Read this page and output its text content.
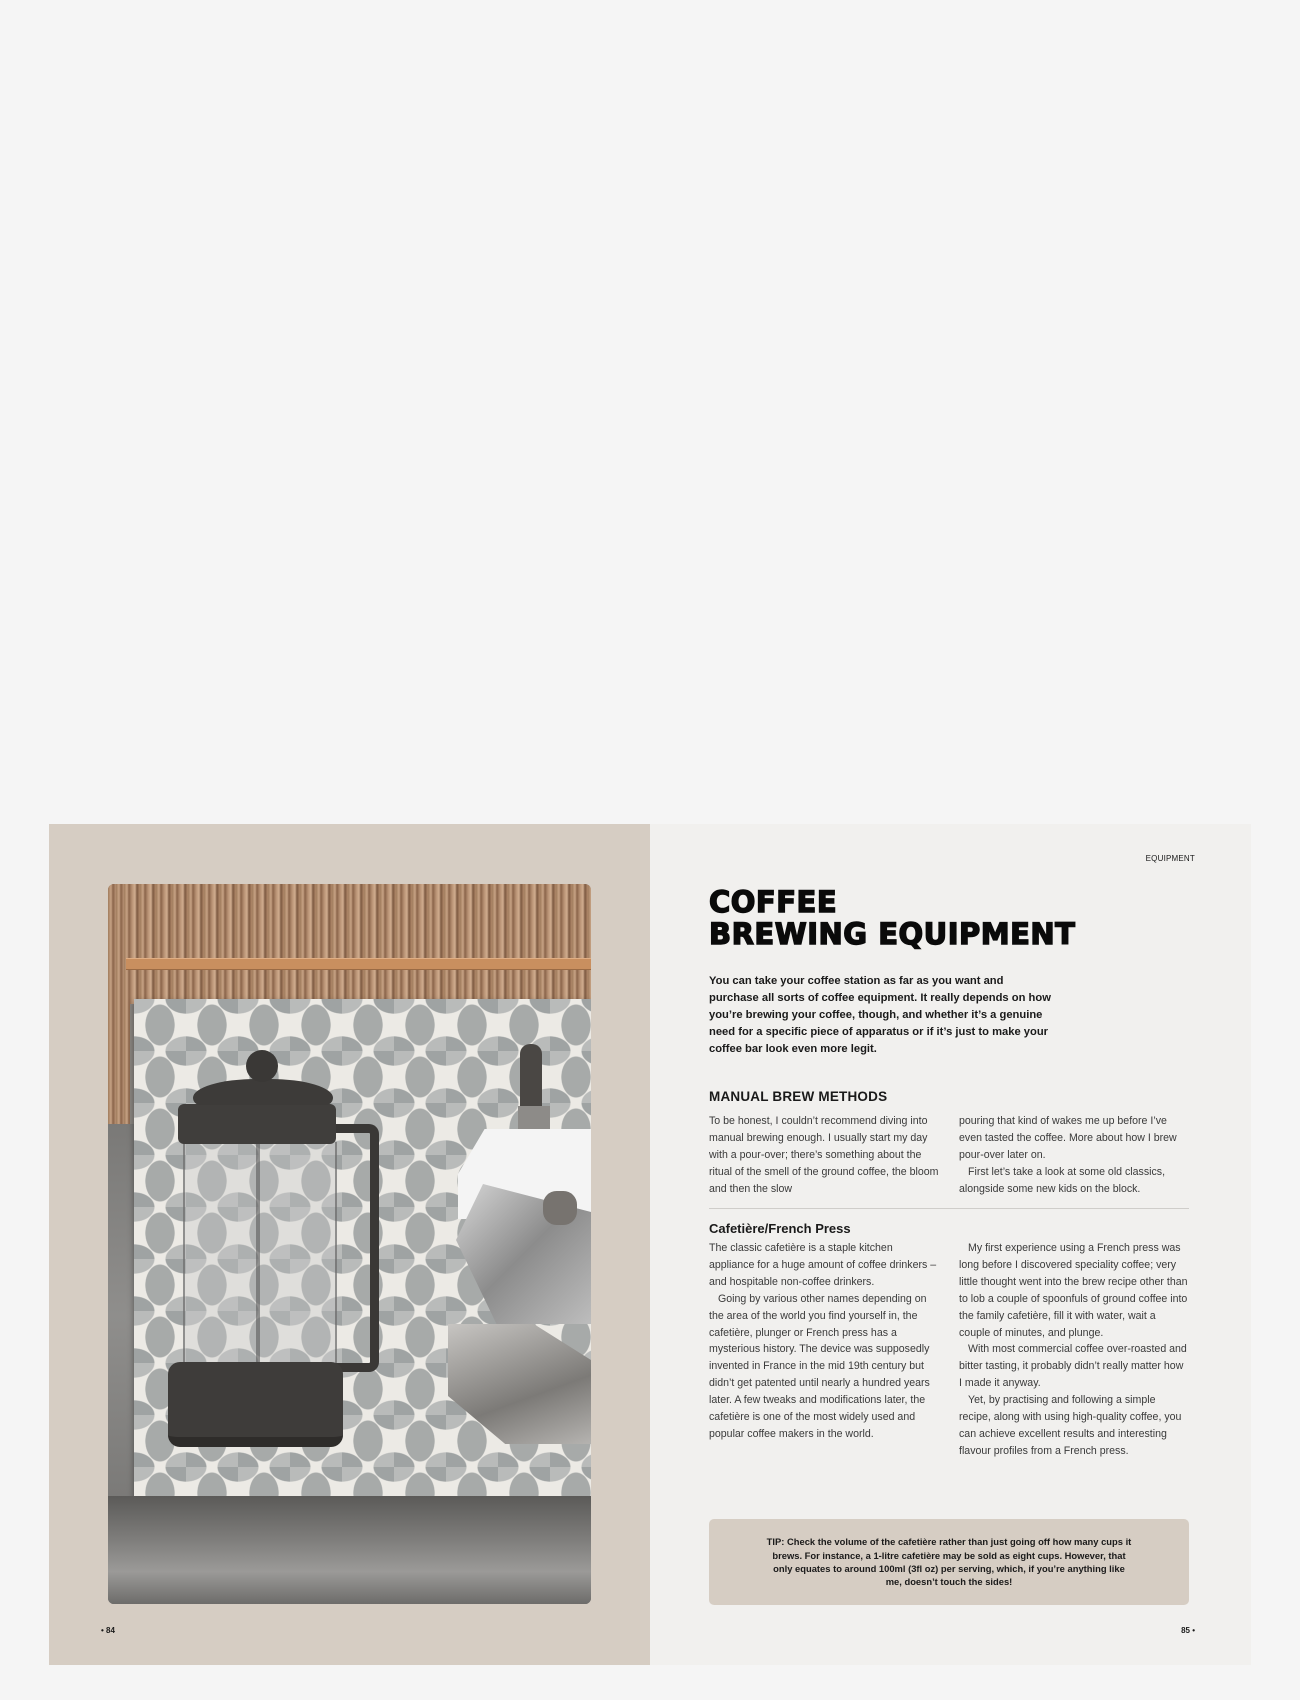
• 84
EQUIPMENT
COFFEE
BREWING EQUIPMENT

You can take your coffee station as far as you want and purchase all sorts of coffee equipment. It really depends on how you’re brewing your coffee, though, and whether it’s a genuine need for a specific piece of apparatus or if it’s just to make your coffee bar look even more legit.

MANUAL BREW METHODS

To be honest, I couldn’t recommend diving into manual brewing enough. I usually start my day with a pour-over; there’s something about the ritual of the smell of the ground coffee, the bloom and then the slow

pouring that kind of wakes me up before I’ve even tasted the coffee. More about how I brew pour-over later on.

First let’s take a look at some old classics, alongside some new kids on the block.

Cafetière/French Press

The classic cafetière is a staple kitchen appliance for a huge amount of coffee drinkers – and hospitable non-coffee drinkers.

Going by various other names depending on the area of the world you find yourself in, the cafetière, plunger or French press has a mysterious history. The device was supposedly invented in France in the mid 19th century but didn’t get patented until nearly a hundred years later. A few tweaks and modifications later, the cafetière is one of the most widely used and popular coffee makers in the world.

My first experience using a French press was long before I discovered speciality coffee; very little thought went into the brew recipe other than to lob a couple of spoonfuls of ground coffee into the family cafetière, fill it with water, wait a couple of minutes, and plunge.

With most commercial coffee over-roasted and bitter tasting, it probably didn’t really matter how I made it anyway.

Yet, by practising and following a simple recipe, along with using high-quality coffee, you can achieve excellent results and interesting flavour profiles from a French press.

TIP: Check the volume of the cafetière rather than just going off how many cups it brews. For instance, a 1-litre cafetière may be sold as eight cups. However, that only equates to around 100ml (3fl oz) per serving, which, if you’re anything like me, doesn’t touch the sides!

85 •
